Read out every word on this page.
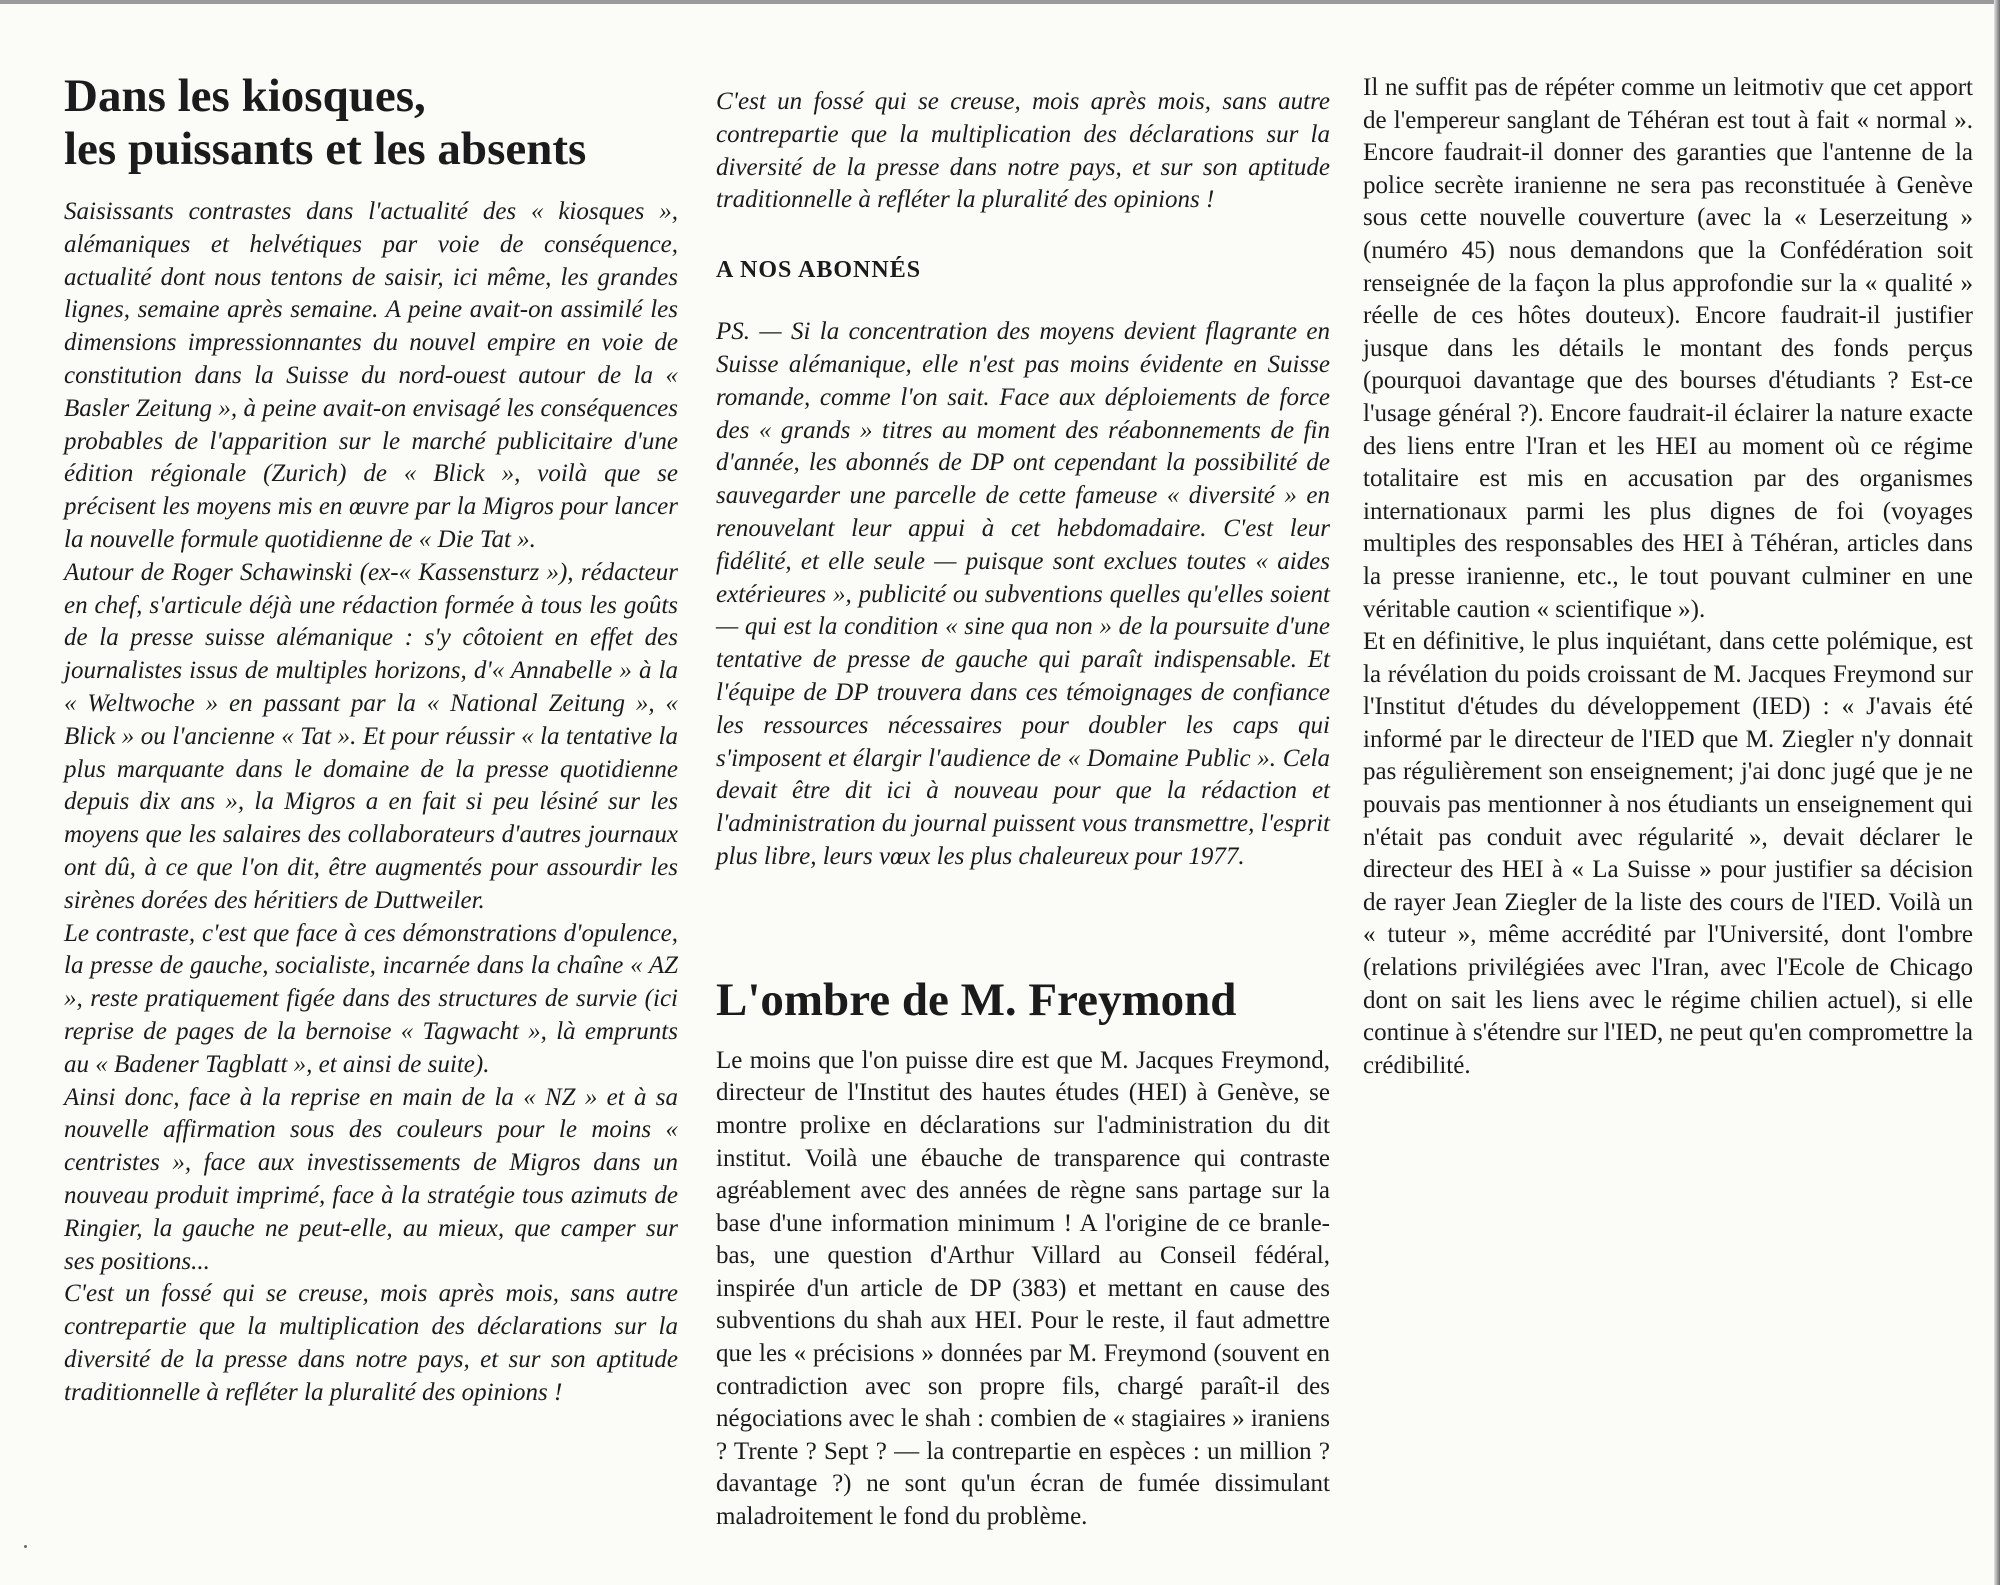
Dans les kiosques,
les puissants et les absents

Saisissants contrastes dans l'actualité des « kiosques », alémaniques et helvétiques par voie de conséquence, actualité dont nous tentons de saisir, ici même, les grandes lignes, semaine après semaine. A peine avait-on assimilé les dimensions impressionnantes du nouvel empire en voie de constitution dans la Suisse du nord-ouest autour de la « Basler Zeitung », à peine avait-on envisagé les conséquences probables de l'apparition sur le marché publicitaire d'une édition régionale (Zurich) de « Blick », voilà que se précisent les moyens mis en œuvre par la Migros pour lancer la nouvelle formule quotidienne de « Die Tat ».

Autour de Roger Schawinski (ex-« Kassensturz »), rédacteur en chef, s'articule déjà une rédaction formée à tous les goûts de la presse suisse alémanique : s'y côtoient en effet des journalistes issus de multiples horizons, d'« Annabelle » à la « Weltwoche » en passant par la « National Zeitung », « Blick » ou l'ancienne « Tat ». Et pour réussir « la tentative la plus marquante dans le domaine de la presse quotidienne depuis dix ans », la Migros a en fait si peu lésiné sur les moyens que les salaires des collaborateurs d'autres journaux ont dû, à ce que l'on dit, être augmentés pour assourdir les sirènes dorées des héritiers de Duttweiler.

Le contraste, c'est que face à ces démonstrations d'opulence, la presse de gauche, socialiste, incarnée dans la chaîne « AZ », reste pratiquement figée dans des structures de survie (ici reprise de pages de la bernoise « Tagwacht », là emprunts au « Badener Tagblatt », et ainsi de suite).

Ainsi donc, face à la reprise en main de la « NZ » et à sa nouvelle affirmation sous des couleurs pour le moins « centristes », face aux investissements de Migros dans un nouveau produit imprimé, face à la stratégie tous azimuts de Ringier, la gauche ne peut-elle, au mieux, que camper sur ses positions...

C'est un fossé qui se creuse, mois après mois, sans autre contrepartie que la multiplication des déclarations sur la diversité de la presse dans notre pays, et sur son aptitude traditionnelle à refléter la pluralité des opinions !

C'est un fossé qui se creuse, mois après mois, sans autre contrepartie que la multiplication des déclarations sur la diversité de la presse dans notre pays, et sur son aptitude traditionnelle à refléter la pluralité des opinions !

A NOS ABONNÉS

PS. — Si la concentration des moyens devient flagrante en Suisse alémanique, elle n'est pas moins évidente en Suisse romande, comme l'on sait. Face aux déploiements de force des « grands » titres au moment des réabonnements de fin d'année, les abonnés de DP ont cependant la possibilité de sauvegarder une parcelle de cette fameuse « diversité » en renouvelant leur appui à cet hebdomadaire. C'est leur fidélité, et elle seule — puisque sont exclues toutes « aides extérieures », publicité ou subventions quelles qu'elles soient — qui est la condition « sine qua non » de la poursuite d'une tentative de presse de gauche qui paraît indispensable. Et l'équipe de DP trouvera dans ces témoignages de confiance les ressources nécessaires pour doubler les caps qui s'imposent et élargir l'audience de « Domaine Public ». Cela devait être dit ici à nouveau pour que la rédaction et l'administration du journal puissent vous transmettre, l'esprit plus libre, leurs vœux les plus chaleureux pour 1977.

L'ombre de M. Freymond

Le moins que l'on puisse dire est que M. Jacques Freymond, directeur de l'Institut des hautes études (HEI) à Genève, se montre prolixe en déclarations sur l'administration du dit institut. Voilà une ébauche de transparence qui contraste agréablement avec des années de règne sans partage sur la base d'une information minimum ! A l'origine de ce branle-bas, une question d'Arthur Villard au Conseil fédéral, inspirée d'un article de DP (383) et mettant en cause des subventions du shah aux HEI. Pour le reste, il faut admettre que les « précisions » données par M. Freymond (souvent en contradiction avec son propre fils, chargé paraît-il des négociations avec le shah : combien de « stagiaires » iraniens ? Trente ? Sept ? — la contrepartie en espèces : un million ? davantage ?) ne sont qu'un écran de fumée dissimulant maladroitement le fond du problème.

Il ne suffit pas de répéter comme un leitmotiv que cet apport de l'empereur sanglant de Téhéran est tout à fait « normal ». Encore faudrait-il donner des garanties que l'antenne de la police secrète iranienne ne sera pas reconstituée à Genève sous cette nouvelle couverture (avec la « Leserzeitung » (numéro 45) nous demandons que la Confédération soit renseignée de la façon la plus approfondie sur la « qualité » réelle de ces hôtes douteux). Encore faudrait-il justifier jusque dans les détails le montant des fonds perçus (pourquoi davantage que des bourses d'étudiants ? Est-ce l'usage général ?). Encore faudrait-il éclairer la nature exacte des liens entre l'Iran et les HEI au moment où ce régime totalitaire est mis en accusation par des organismes internationaux parmi les plus dignes de foi (voyages multiples des responsables des HEI à Téhéran, articles dans la presse iranienne, etc., le tout pouvant culminer en une véritable caution « scientifique »).

Et en définitive, le plus inquiétant, dans cette polémique, est la révélation du poids croissant de M. Jacques Freymond sur l'Institut d'études du développement (IED) : « J'avais été informé par le directeur de l'IED que M. Ziegler n'y donnait pas régulièrement son enseignement; j'ai donc jugé que je ne pouvais pas mentionner à nos étudiants un enseignement qui n'était pas conduit avec régularité », devait déclarer le directeur des HEI à « La Suisse » pour justifier sa décision de rayer Jean Ziegler de la liste des cours de l'IED. Voilà un « tuteur », même accrédité par l'Université, dont l'ombre (relations privilégiées avec l'Iran, avec l'Ecole de Chicago dont on sait les liens avec le régime chilien actuel), si elle continue à s'étendre sur l'IED, ne peut qu'en compromettre la crédibilité.
